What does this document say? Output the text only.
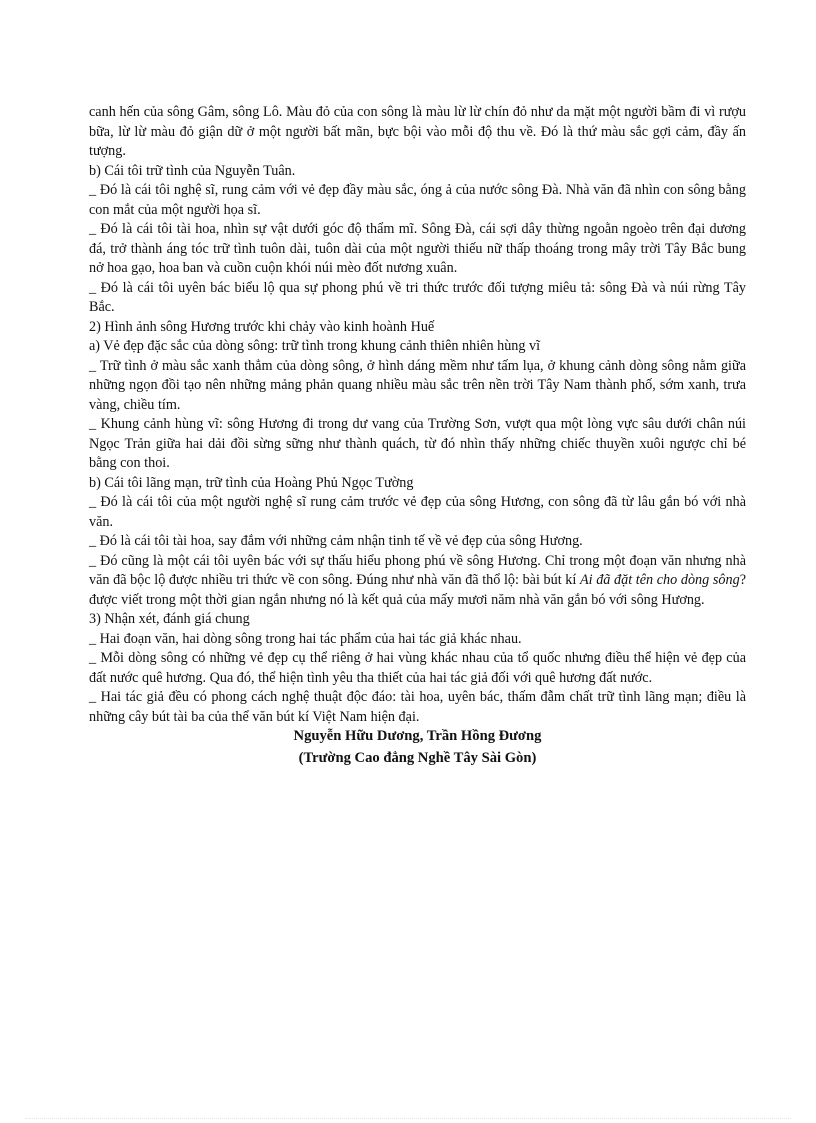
canh hến của sông Gâm, sông Lô. Màu đỏ của con sông là màu lừ lừ chín đỏ như da mặt một người bầm đi vì rượu bữa, lừ lừ màu đỏ giận dữ ở một người bất mãn, bực bội vào mỗi độ thu về. Đó là thứ màu sắc gợi cảm, đầy ấn tượng.

b) Cái tôi trữ tình của Nguyễn Tuân.

_ Đó là cái tôi nghệ sĩ, rung cảm với vẻ đẹp đầy màu sắc, óng ả của nước sông Đà. Nhà văn đã nhìn con sông bằng con mắt của một người họa sĩ.

_ Đó là cái tôi tài hoa, nhìn sự vật dưới góc độ thẩm mĩ. Sông Đà, cái sợi dây thừng ngoằn ngoèo trên đại dương đá, trở thành áng tóc trữ tình tuôn dài, tuôn dài của một người thiếu nữ thấp thoáng trong mây trời Tây Bắc bung nở hoa gạo, hoa ban và cuồn cuộn khói núi mèo đốt nương xuân.

_ Đó là cái tôi uyên bác biểu lộ qua sự phong phú về tri thức trước đối tượng miêu tả: sông Đà và núi rừng Tây Bắc.

2) Hình ảnh sông Hương trước khi chảy vào kinh hoành Huế

a) Vẻ đẹp đặc sắc của dòng sông: trữ tình trong khung cảnh thiên nhiên hùng vĩ

_ Trữ tình ở màu sắc xanh thẳm của dòng sông, ở hình dáng mềm như tấm lụa, ở khung cảnh dòng sông nằm giữa những ngọn đồi tạo nên những mảng phản quang nhiều màu sắc trên nền trời Tây Nam thành phố, sớm xanh, trưa vàng, chiều tím.

_ Khung cảnh hùng vĩ: sông Hương đi trong dư vang của Trường Sơn, vượt qua một lòng vực sâu dưới chân núi Ngọc Trản giữa hai dải đồi sừng sững như thành quách, từ đó nhìn thấy những chiếc thuyền xuôi ngược chỉ bé bằng con thoi.

b) Cái tôi lãng mạn, trữ tình của Hoàng Phủ Ngọc Tường

_ Đó là cái tôi của một người nghệ sĩ rung cảm trước vẻ đẹp của sông Hương, con sông đã từ lâu gắn bó với nhà văn.

_ Đó là cái tôi tài hoa, say đắm với những cảm nhận tinh tế về vẻ đẹp của sông Hương.

_ Đó cũng là một cái tôi uyên bác với sự thấu hiểu phong phú về sông Hương. Chỉ trong một đoạn văn nhưng nhà văn đã bộc lộ được nhiều tri thức về con sông. Đúng như nhà văn đã thổ lộ: bài bút kí Ai đã đặt tên cho dòng sông? được viết trong một thời gian ngắn nhưng nó là kết quả của mấy mươi năm nhà văn gắn bó với sông Hương.

3) Nhận xét, đánh giá chung

_ Hai đoạn văn, hai dòng sông trong hai tác phẩm của hai tác giả khác nhau.

_ Mỗi dòng sông có những vẻ đẹp cụ thể riêng ở hai vùng khác nhau của tổ quốc nhưng điều thể hiện vẻ đẹp của đất nước quê hương. Qua đó, thể hiện tình yêu tha thiết của hai tác giả đối với quê hương đất nước.

_ Hai tác giả đều có phong cách nghệ thuật độc đáo: tài hoa, uyên bác, thấm đẫm chất trữ tình lãng mạn; điều là những cây bút tài ba của thể văn bút kí Việt Nam hiện đại.

Nguyễn Hữu Dương, Trần Hồng Đương

(Trường Cao đẳng Nghề Tây Sài Gòn)
